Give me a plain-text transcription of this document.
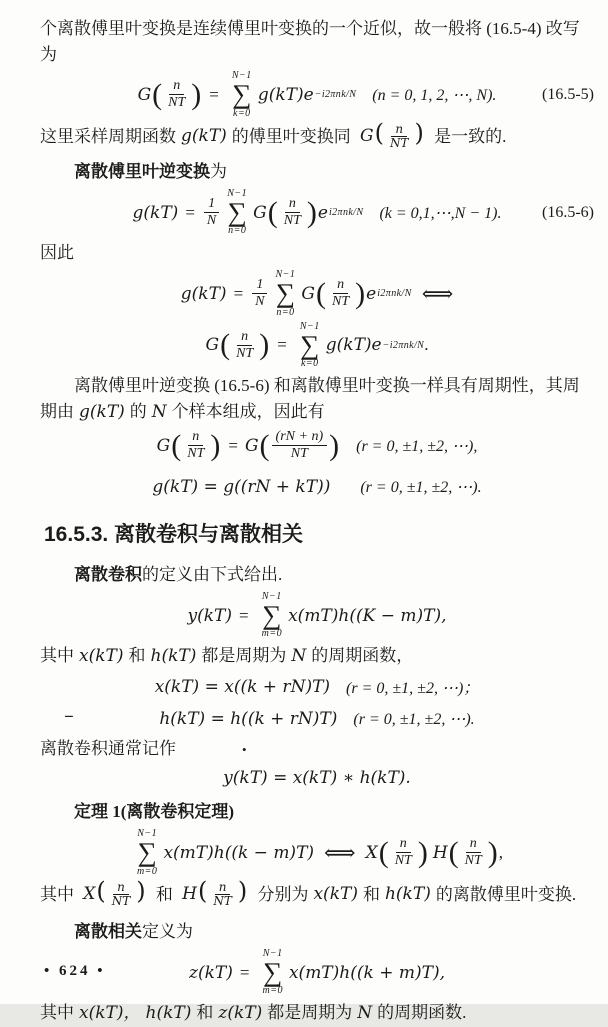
个离散傅里叶变换是连续傅里叶变换的一个近似，故一般将 (16.5-4) 改写为

G ( $\frac{n}{NT}$ ) =
N−1
∑
k=0
g(kT)e −i2πnk/N (n = 0, 1, 2, ⋯, N).	(16.5-5)

这里采样周期函数 g(kT) 的傅里叶变换同 $G( \frac{n}{NT}$ ) 是一致的.

离散傅里叶逆变换为

$g(kT) = \frac{1}{N}$
N−1
∑
n=0
G ( $\frac{n}{NT}$ ) e i2πnk/N (k = 0,1,⋯,N − 1).	(16.5-6)

因此

$g(kT) = \frac{1}{N}$
N−1
∑
n=0
G ( $\frac{n}{NT}$ ) e i2πnk/N ⟺
G ( $\frac{n}{NT}$ ) =
N−1
∑
k=0
g(kT)e −i2πnk/N .

离散傅里叶逆变换 (16.5-6) 和离散傅里叶变换一样具有周期性，其周期由 g(kT) 的 N 个样本组成，因此有

G ( $\frac{n}{NT}$ ) = G ( $\frac{(rN + n)}{NT}$ ) (r = 0, ±1, ±2, ⋯),
g(kT) = g((rN + kT)) (r = 0, ±1, ±2, ⋯).
16.5.3. 离散卷积与离散相关

离散卷积的定义由下式给出.

y(kT) =
N−1
∑
m=0
x(mT)h((K − m)T),

其中 x(kT) 和 h(kT) 都是周期为 N 的周期函数，

x(kT) = x((k + rN)T) (r = 0, ±1, ±2, ⋯)；
−	h(kT) = h((k + rN)T) (r = 0, ±1, ±2, ⋯).

离散卷积通常记作	•

y(kT) = x(kT) ∗ h(kT).

定理 1(离散卷积定理)

N−1
∑
m=0
x(mT)h((k − m)T) ⟺ X ( $\frac{n}{NT}$ ) H ( $\frac{n}{NT}$ ) ,

其中 $X( \frac{n}{NT}$ ) 和 $H( \frac{n}{NT}$ ) 分别为 x(kT) 和 h(kT) 的离散傅里叶变换.

离散相关定义为

z(kT) =
N−1
∑
m=0
x(mT)h((k + m)T),

其中 x(kT)， h(kT) 和 z(kT) 都是周期为 N 的周期函数.

• 624 •
